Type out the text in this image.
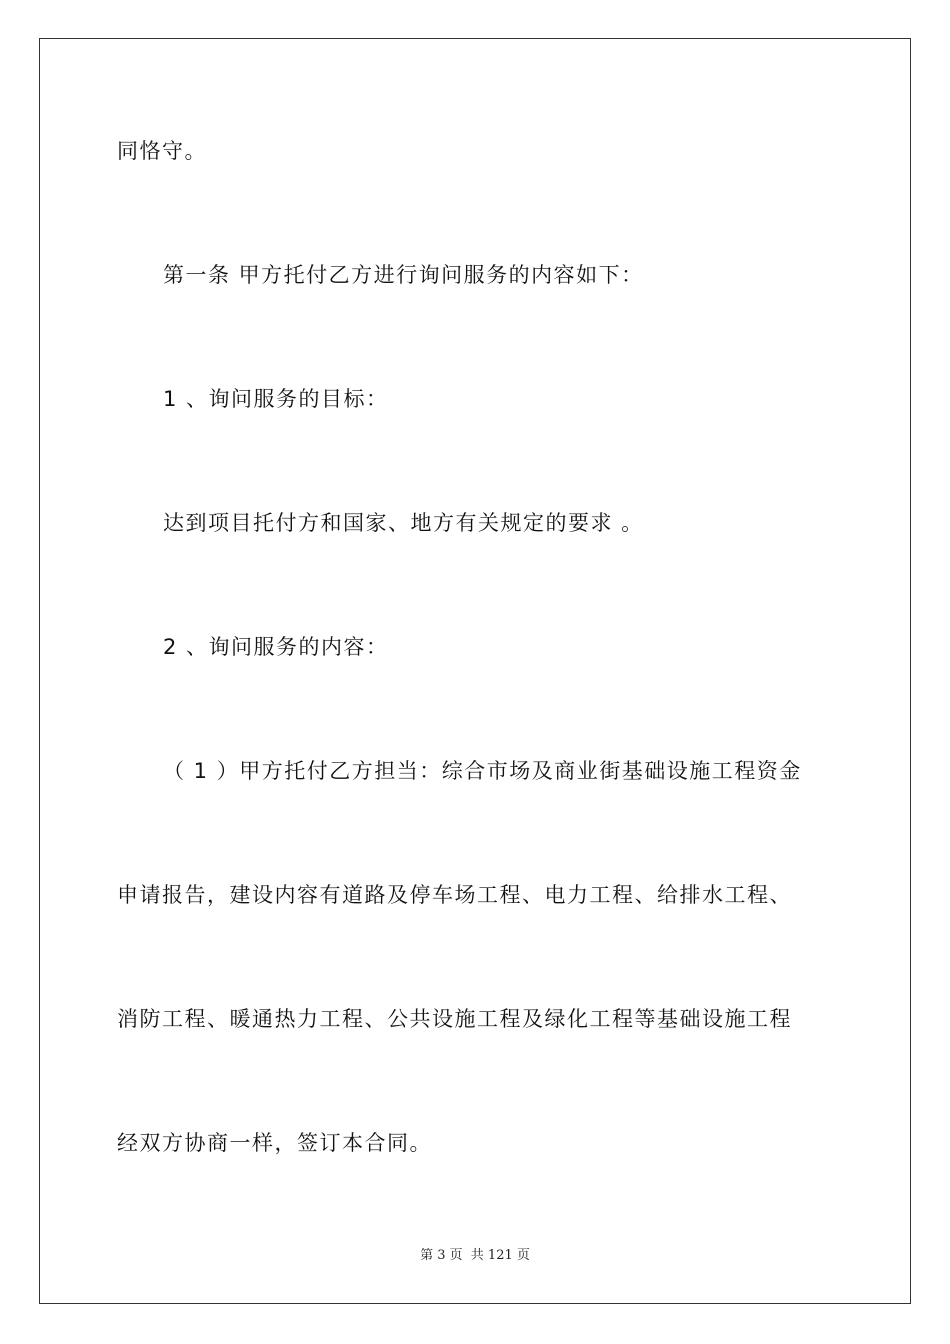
同恪守。
第一条 甲方托付乙方进行询问服务的内容如下：
1 、询问服务的目标：
达到项目托付方和国家、地方有关规定的要求 。
2 、询问服务的内容：
（ 1 ）甲方托付乙方担当：综合市场及商业街基础设施工程资金
申请报告，建设内容有道路及停车场工程、电力工程、给排水工程、
消防工程、暖通热力工程、公共设施工程及绿化工程等基础设施工程
经双方协商一样，签订本合同。
第 3 页 共 121 页
